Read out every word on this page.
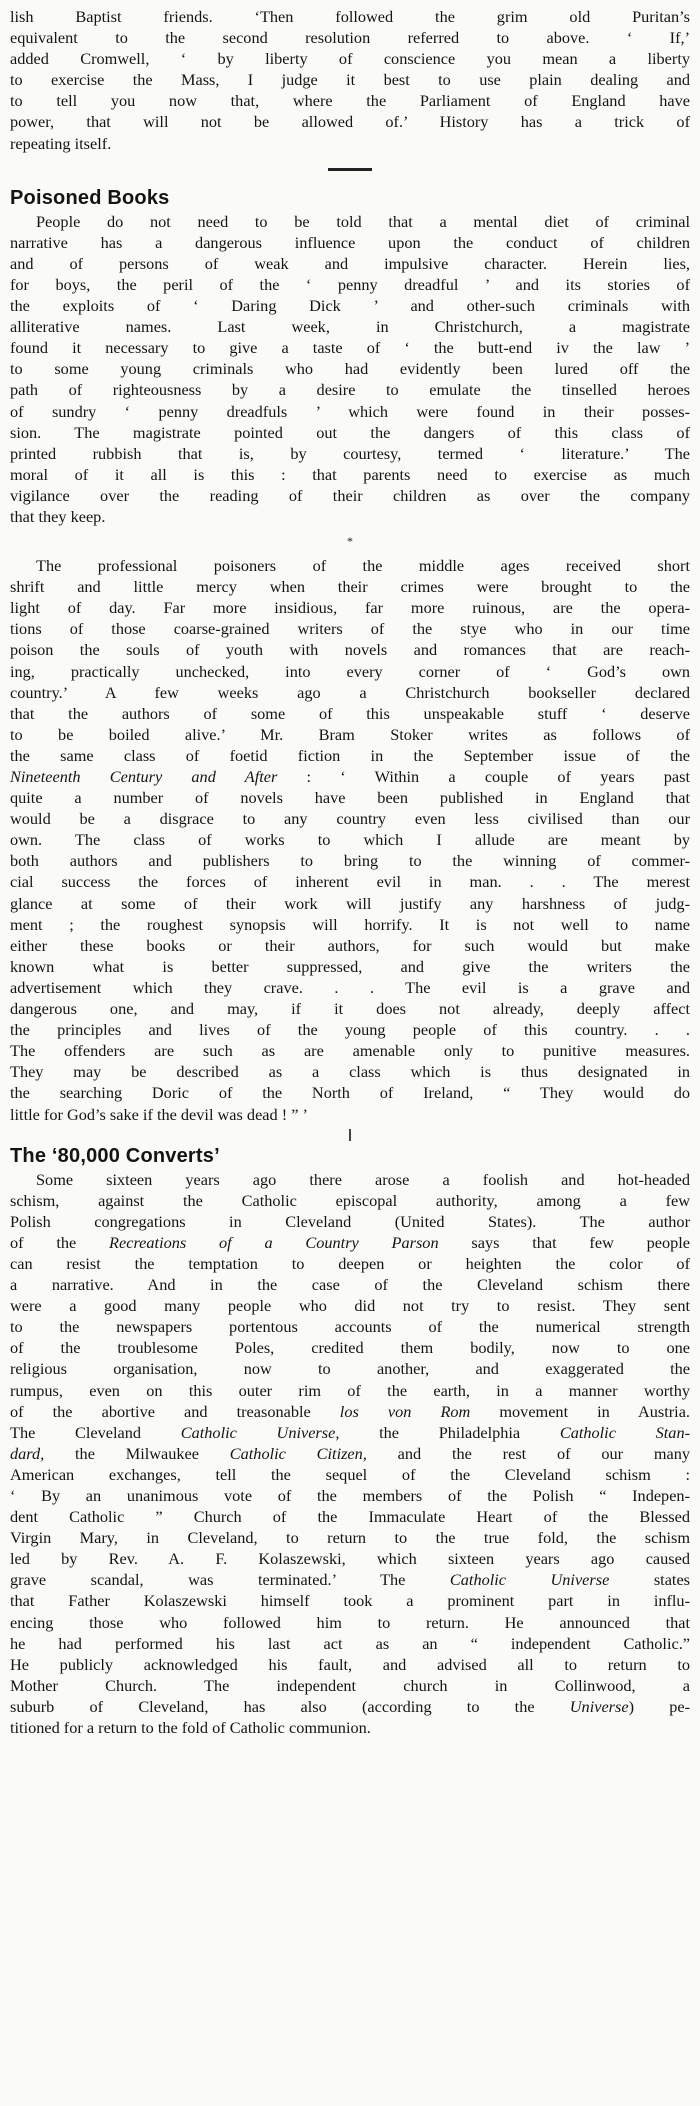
lish Baptist friends. ‘Then followed the grim old Puritan’s
equivalent to the second resolution referred to above. ‘ If,’
added Cromwell, ‘ by liberty of conscience you mean a liberty
to exercise the Mass, I judge it best to use plain dealing and
to tell you now that, where the Parliament of England have
power, that will not be allowed of.’ History has a trick of
repeating itself.
Poisoned Books
People do not need to be told that a mental diet of criminal
narrative has a dangerous influence upon the conduct of children
and of persons of weak and impulsive character. Herein lies,
for boys, the peril of the ‘ penny dreadful ’ and its stories of
the exploits of ‘ Daring Dick ’ and other-such criminals with
alliterative names. Last week, in Christchurch, a magistrate
found it necessary to give a taste of ‘ the butt-end iv the law ’
to some young criminals who had evidently been lured off the
path of righteousness by a desire to emulate the tinselled heroes
of sundry ‘ penny dreadfuls ’ which were found in their posses-
sion. The magistrate pointed out the dangers of this class of
printed rubbish that is, by courtesy, termed ‘ literature.’ The
moral of it all is this : that parents need to exercise as much
vigilance over the reading of their children as over the company
that they keep.
*
The professional poisoners of the middle ages received short
shrift and little mercy when their crimes were brought to the
light of day. Far more insidious, far more ruinous, are the opera-
tions of those coarse-grained writers of the stye who in our time
poison the souls of youth with novels and romances that are reach-
ing, practically unchecked, into every corner of ‘ God’s own
country.’ A few weeks ago a Christchurch bookseller declared
that the authors of some of this unspeakable stuff ‘ deserve
to be boiled alive.’ Mr. Bram Stoker writes as follows of
the same class of foetid fiction in the September issue of the
Nineteenth Century and After : ‘ Within a couple of years past
quite a number of novels have been published in England that
would be a disgrace to any country even less civilised than our
own. The class of works to which I allude are meant by
both authors and publishers to bring to the winning of commer-
cial success the forces of inherent evil in man. . . The merest
glance at some of their work will justify any harshness of judg-
ment ; the roughest synopsis will horrify. It is not well to name
either these books or their authors, for such would but make
known what is better suppressed, and give the writers the
advertisement which they crave. . . The evil is a grave and
dangerous one, and may, if it does not already, deeply affect
the principles and lives of the young people of this country. . .
The offenders are such as are amenable only to punitive measures.
They may be described as a class which is thus designated in
the searching Doric of the North of Ireland, “ They would do
little for God’s sake if the devil was dead ! ” ’
The ‘80,000 Converts’
Some sixteen years ago there arose a foolish and hot-headed
schism, against the Catholic episcopal authority, among a few
Polish congregations in Cleveland (United States). The author
of the Recreations of a Country Parson says that few people
can resist the temptation to deepen or heighten the color of
a narrative. And in the case of the Cleveland schism there
were a good many people who did not try to resist. They sent
to the newspapers portentous accounts of the numerical strength
of the troublesome Poles, credited them bodily, now to one
religious organisation, now to another, and exaggerated the
rumpus, even on this outer rim of the earth, in a manner worthy
of the abortive and treasonable los von Rom movement in Austria.
The Cleveland Catholic Universe, the Philadelphia Catholic Stan-
dard, the Milwaukee Catholic Citizen, and the rest of our many
American exchanges, tell the sequel of the Cleveland schism :
‘ By an unanimous vote of the members of the Polish “ Indepen-
dent Catholic ” Church of the Immaculate Heart of the Blessed
Virgin Mary, in Cleveland, to return to the true fold, the schism
led by Rev. A. F. Kolaszewski, which sixteen years ago caused
grave scandal, was terminated.’ The Catholic Universe states
that Father Kolaszewski himself took a prominent part in influ-
encing those who followed him to return. He announced that
he had performed his last act as an “ independent Catholic.”
He publicly acknowledged his fault, and advised all to return to
Mother Church. The independent church in Collinwood, a
suburb of Cleveland, has also (according to the Universe) pe-
titioned for a return to the fold of Catholic communion.
